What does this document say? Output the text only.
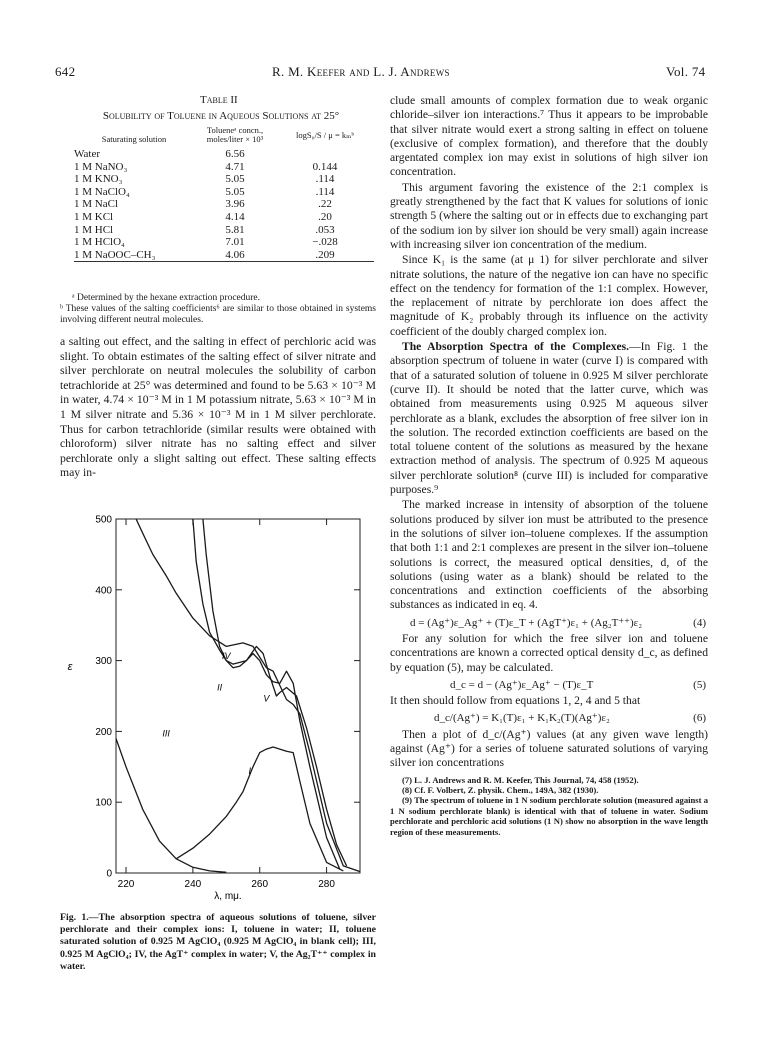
642	R. M. Keefer and L. J. Andrews	Vol. 74
Table II
Solubility of Toluene in Aqueous Solutions at 25°
Saturating solution	Tolueneᵃ concn., moles/liter × 10³	logS₀/S / μ = kₘᵇ

Water	6.56	
1 M NaNO₃	4.71	0.144
1 M KNO₃	5.05	.114
1 M NaClO₄	5.05	.114
1 M NaCl	3.96	.22
1 M KCl	4.14	.20
1 M HCl	5.81	.053
1 M HClO₄	7.01	−.028
1 M NaOOC–CH₃	4.06	.209
ᵃ Determined by the hexane extraction procedure.
ᵇ These values of the salting coefficients⁶ are similar to those obtained in systems involving different neutral molecules.

a salting out effect, and the salting in effect of perchloric acid was slight. To obtain estimates of the salting effect of silver nitrate and silver perchlorate on neutral molecules the solubility of carbon tetrachloride at 25° was determined and found to be 5.63 × 10⁻³ M in water, 4.74 × 10⁻³ M in 1 M potassium nitrate, 5.63 × 10⁻³ M in 1 M silver nitrate and 5.36 × 10⁻³ M in 1 M silver perchlorate. Thus for carbon tetrachloride (similar results were obtained with chloroform) silver nitrate has no salting effect and silver perchlorate only a slight salting out effect. These salting effects may in-

0
100
200
300
400
500
220	240	260	280
I
II
III
IV
V
λ, mμ.
ε
Fig. 1.—The absorption spectra of aqueous solutions of toluene, silver perchlorate and their complex ions: I, toluene in water; II, toluene saturated solution of 0.925 M AgClO₄ (0.925 M AgClO₄ in blank cell); III, 0.925 M AgClO₄; IV, the AgT⁺ complex in water; V, the Ag₂T⁺⁺ complex in water.

clude small amounts of complex formation due to weak organic chloride–silver ion interactions.⁷ Thus it appears to be improbable that silver nitrate would exert a strong salting in effect on toluene (exclusive of complex formation), and therefore that the doubly argentated complex ion may exist in solutions of high silver ion concentration.

This argument favoring the existence of the 2:1 complex is greatly strengthened by the fact that K values for solutions of ionic strength 5 (where the salting out or in effects due to exchanging part of the sodium ion by silver ion should be very small) again increase with increasing silver ion concentration of the medium.

Since K₁ is the same (at μ 1) for silver perchlorate and silver nitrate solutions, the nature of the negative ion can have no specific effect on the tendency for formation of the 1:1 complex. However, the replacement of nitrate by perchlorate ion does affect the magnitude of K₂ probably through its influence on the activity coefficient of the doubly charged complex ion.

The Absorption Spectra of the Complexes.—In Fig. 1 the absorption spectrum of toluene in water (curve I) is compared with that of a saturated solution of toluene in 0.925 M silver perchlorate (curve II). It should be noted that the latter curve, which was obtained from measurements using 0.925 M aqueous silver perchlorate as a blank, excludes the absorption of free silver ion in the solution. The recorded extinction coefficients are based on the total toluene content of the solutions as measured by the hexane extraction method of analysis. The spectrum of 0.925 M aqueous silver perchlorate solution⁸ (curve III) is included for comparative purposes.⁹

The marked increase in intensity of absorption of the toluene solutions produced by silver ion must be attributed to the presence in the solutions of silver ion–toluene complexes. If the assumption that both 1:1 and 2:1 complexes are present in the silver ion–toluene solutions is correct, the measured optical densities, d, of the solutions (using water as a blank) should be related to the concentrations and extinction coefficients of the absorbing substances as indicated in eq. 4.

d = (Ag⁺)ε_Ag⁺ + (T)ε_T + (AgT⁺)ε₁ + (Ag₂T⁺⁺)ε₂	(4)

For any solution for which the free silver ion and toluene concentrations are known a corrected optical density d_c, as defined by equation (5), may be calculated.

d_c = d − (Ag⁺)ε_Ag⁺ − (T)ε_T	(5)

It then should follow from equations 1, 2, 4 and 5 that

d_c/(Ag⁺) = K₁(T)ε₁ + K₁K₂(T)(Ag⁺)ε₂	(6)

Then a plot of d_c/(Ag⁺) values (at any given wave length) against (Ag⁺) for a series of toluene saturated solutions of varying silver ion concentrations

(7) L. J. Andrews and R. M. Keefer, This Journal, 74, 458 (1952).

(8) Cf. F. Volbert, Z. physik. Chem., 149A, 382 (1930).

(9) The spectrum of toluene in 1 N sodium perchlorate solution (measured against a 1 N sodium perchlorate blank) is identical with that of toluene in water. Sodium perchlorate and perchloric acid solutions (1 N) show no absorption in the wave length region of these measurements.
